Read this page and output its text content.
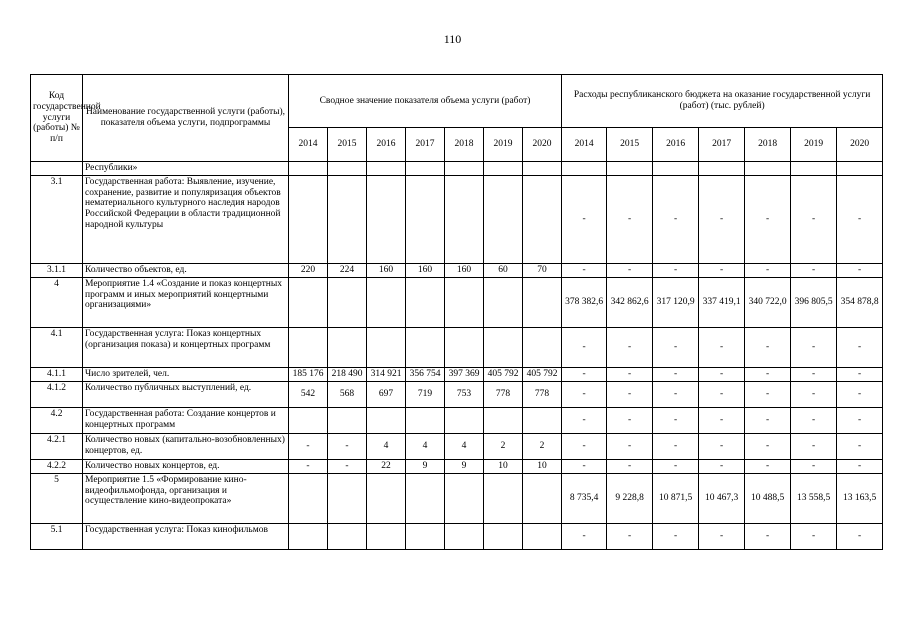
110
Код государственной услуги (работы) № п/п	Наименование государственной услуги (работы), показателя объема услуги, подпрограммы	Сводное значение показателя объема услуги (работ)							Расходы республиканского бюджета на оказание государственной услуги (работ) (тыс. рублей)						
		2014	2015	2016	2017	2018	2019	2020	2014	2015	2016	2017	2018	2019	2020
	Республики»														
3.1	Государственная работа: Выявление, изучение, сохранение, развитие и популяризация объектов нематериального культурного наследия народов Российской Федерации в области традиционной народной культуры								-	-	-	-	-	-	-
3.1.1	Количество объектов, ед.	220	224	160	160	160	60	70	-	-	-	-	-	-	-
4	Мероприятие 1.4 «Создание и показ концертных программ и иных мероприятий концертными организациями»								378 382,6	342 862,6	317 120,9	337 419,1	340 722,0	396 805,5	354 878,8
4.1	Государственная услуга: Показ концертных (организация показа) и концертных программ								-	-	-	-	-	-	-
4.1.1	Число зрителей, чел.	185 176	218 490	314 921	356 754	397 369	405 792	405 792	-	-	-	-	-	-	-
4.1.2	Количество публичных выступлений, ед.	542	568	697	719	753	778	778	-	-	-	-	-	-	-
4.2	Государственная работа: Создание концертов и концертных программ								-	-	-	-	-	-	-
4.2.1	Количество новых (капитально-возобновленных) концертов, ед.	-	-	4	4	4	2	2	-	-	-	-	-	-	-
4.2.2	Количество новых концертов, ед.	-	-	22	9	9	10	10	-	-	-	-	-	-	-
5	Мероприятие 1.5 «Формирование кино-видеофильмофонда, организация и осуществление кино-видеопроката»								8 735,4	9 228,8	10 871,5	10 467,3	10 488,5	13 558,5	13 163,5
5.1	Государственная услуга: Показ кинофильмов								-	-	-	-	-	-	-
